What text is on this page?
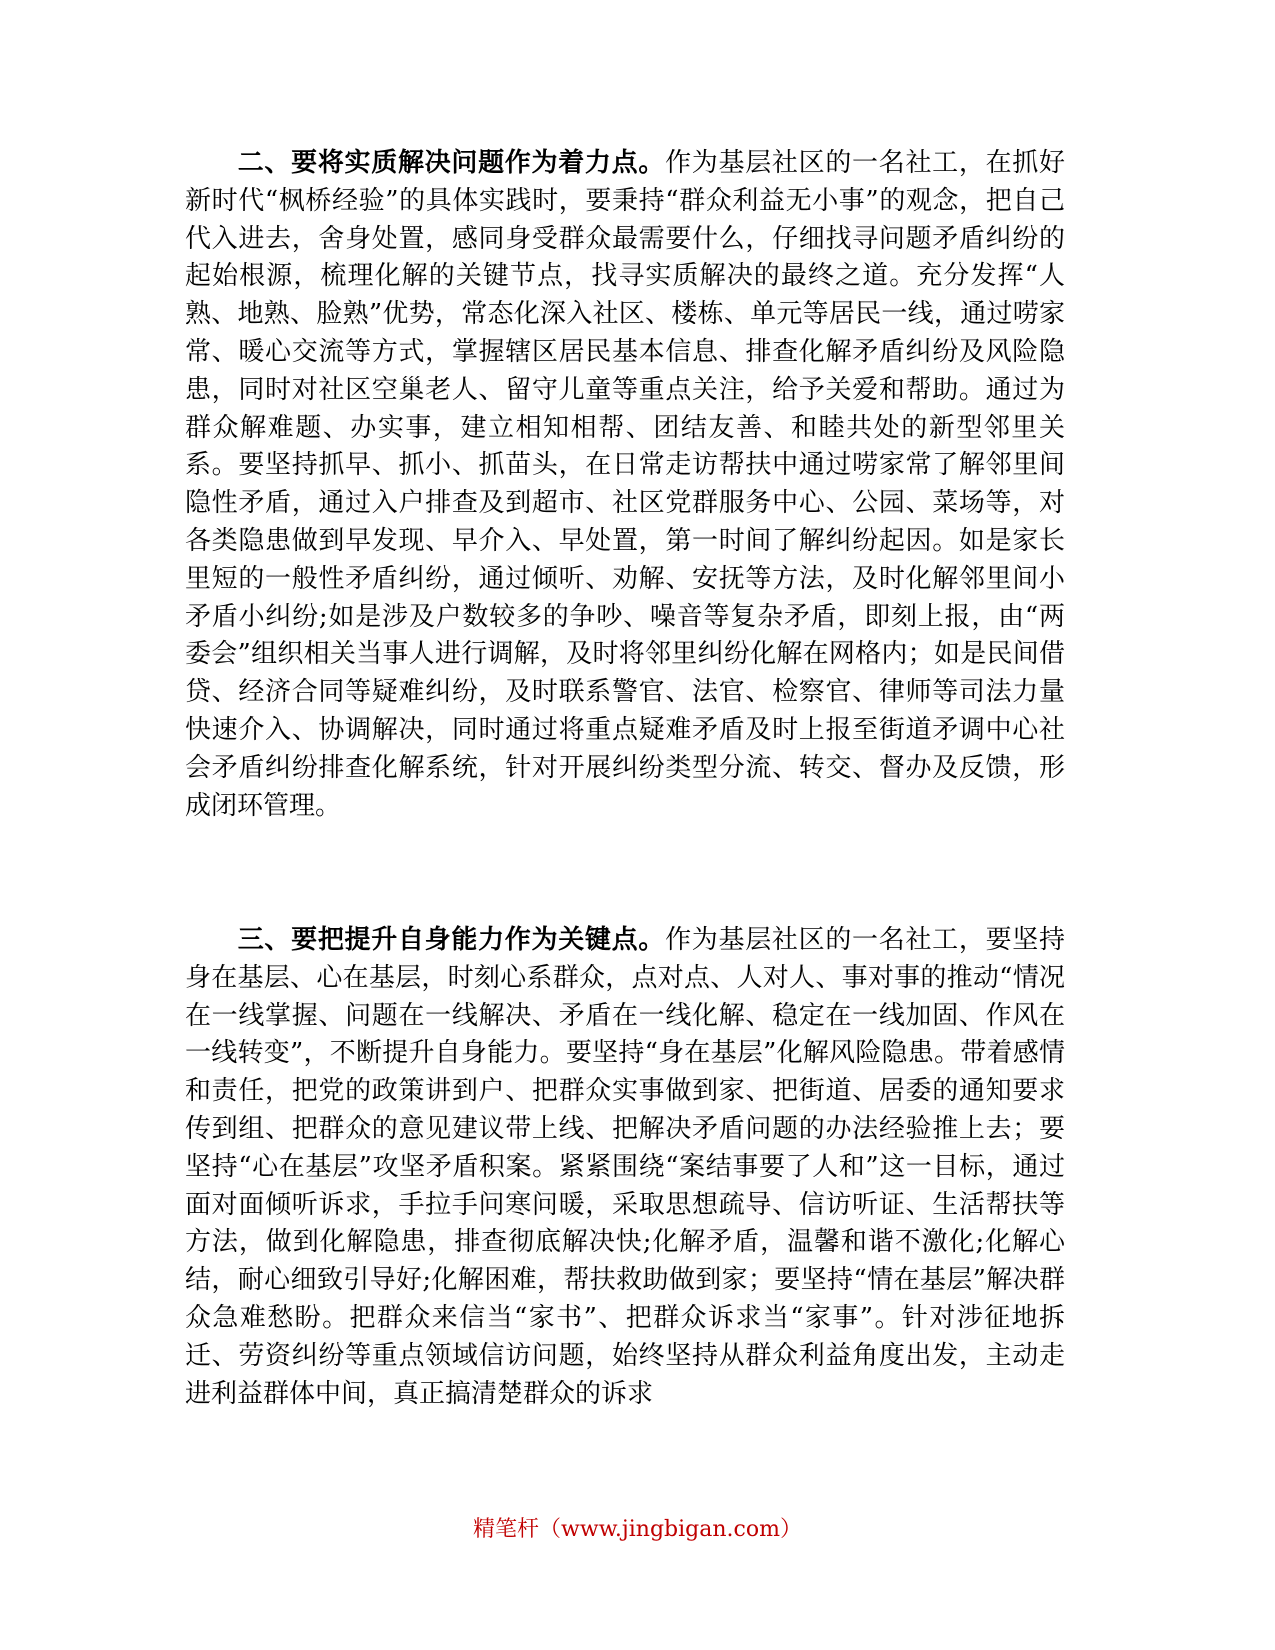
二、要将实质解决问题作为着力点。作为基层社区的一名社工，在抓好新时代“枫桥经验”的具体实践时，要秉持“群众利益无小事”的观念，把自己代入进去，舍身处置，感同身受群众最需要什么，仔细找寻问题矛盾纠纷的起始根源，梳理化解的关键节点，找寻实质解决的最终之道。充分发挥“人熟、地熟、脸熟”优势，常态化深入社区、楼栋、单元等居民一线，通过唠家常、暖心交流等方式，掌握辖区居民基本信息、排查化解矛盾纠纷及风险隐患，同时对社区空巢老人、留守儿童等重点关注，给予关爱和帮助。通过为群众解难题、办实事，建立相知相帮、团结友善、和睦共处的新型邻里关系。要坚持抓早、抓小、抓苗头，在日常走访帮扶中通过唠家常了解邻里间隐性矛盾，通过入户排查及到超市、社区党群服务中心、公园、菜场等，对各类隐患做到早发现、早介入、早处置，第一时间了解纠纷起因。如是家长里短的一般性矛盾纠纷，通过倾听、劝解、安抚等方法，及时化解邻里间小矛盾小纠纷;如是涉及户数较多的争吵、噪音等复杂矛盾，即刻上报，由“两委会”组织相关当事人进行调解，及时将邻里纠纷化解在网格内；如是民间借贷、经济合同等疑难纠纷，及时联系警官、法官、检察官、律师等司法力量快速介入、协调解决，同时通过将重点疑难矛盾及时上报至街道矛调中心社会矛盾纠纷排查化解系统，针对开展纠纷类型分流、转交、督办及反馈，形成闭环管理。

三、要把提升自身能力作为关键点。作为基层社区的一名社工，要坚持身在基层、心在基层，时刻心系群众，点对点、人对人、事对事的推动“情况在一线掌握、问题在一线解决、矛盾在一线化解、稳定在一线加固、作风在一线转变”，不断提升自身能力。要坚持“身在基层”化解风险隐患。带着感情和责任，把党的政策讲到户、把群众实事做到家、把街道、居委的通知要求传到组、把群众的意见建议带上线、把解决矛盾问题的办法经验推上去；要坚持“心在基层”攻坚矛盾积案。紧紧围绕“案结事要了人和”这一目标，通过面对面倾听诉求，手拉手问寒问暖，采取思想疏导、信访听证、生活帮扶等方法，做到化解隐患，排查彻底解决快;化解矛盾，温馨和谐不激化;化解心结，耐心细致引导好;化解困难，帮扶救助做到家；要坚持“情在基层”解决群众急难愁盼。把群众来信当“家书”、把群众诉求当“家事”。针对涉征地拆迁、劳资纠纷等重点领域信访问题，始终坚持从群众利益角度出发，主动走进利益群体中间，真正搞清楚群众的诉求

精笔杆（www.jingbigan.com）
